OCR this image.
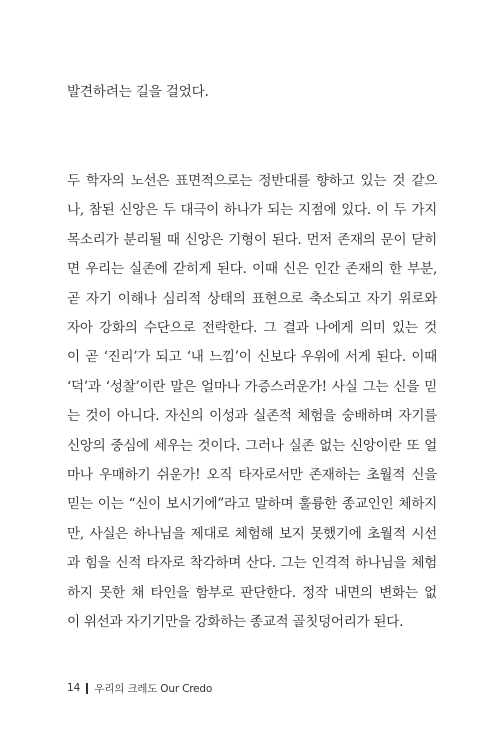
발견하려는 길을 걸었다.

두 학자의 노선은 표면적으로는 정반대를 향하고 있는 것 같으
나, 참된 신앙은 두 대극이 하나가 되는 지점에 있다. 이 두 가지
목소리가 분리될 때 신앙은 기형이 된다. 먼저 존재의 문이 닫히
면 우리는 실존에 갇히게 된다. 이때 신은 인간 존재의 한 부분,
곧 자기 이해나 심리적 상태의 표현으로 축소되고 자기 위로와
자아 강화의 수단으로 전락한다. 그 결과 나에게 의미 있는 것
이 곧 ‘진리’가 되고 ‘내 느낌’이 신보다 우위에 서게 된다. 이때
‘덕’과 ‘성찰’이란 말은 얼마나 가증스러운가! 사실 그는 신을 믿
는 것이 아니다. 자신의 이성과 실존적 체험을 숭배하며 자기를
신앙의 중심에 세우는 것이다. 그러나 실존 없는 신앙이란 또 얼
마나 우매하기 쉬운가! 오직 타자로서만 존재하는 초월적 신을
믿는 이는 “신이 보시기에”라고 말하며 훌륭한 종교인인 체하지
만, 사실은 하나님을 제대로 체험해 보지 못했기에 초월적 시선
과 힘을 신적 타자로 착각하며 산다. 그는 인격적 하나님을 체험
하지 못한 채 타인을 함부로 판단한다. 정작 내면의 변화는 없
이 위선과 자기기만을 강화하는 종교적 골칫덩어리가 된다.
14 우리의 크레도 Our Credo
